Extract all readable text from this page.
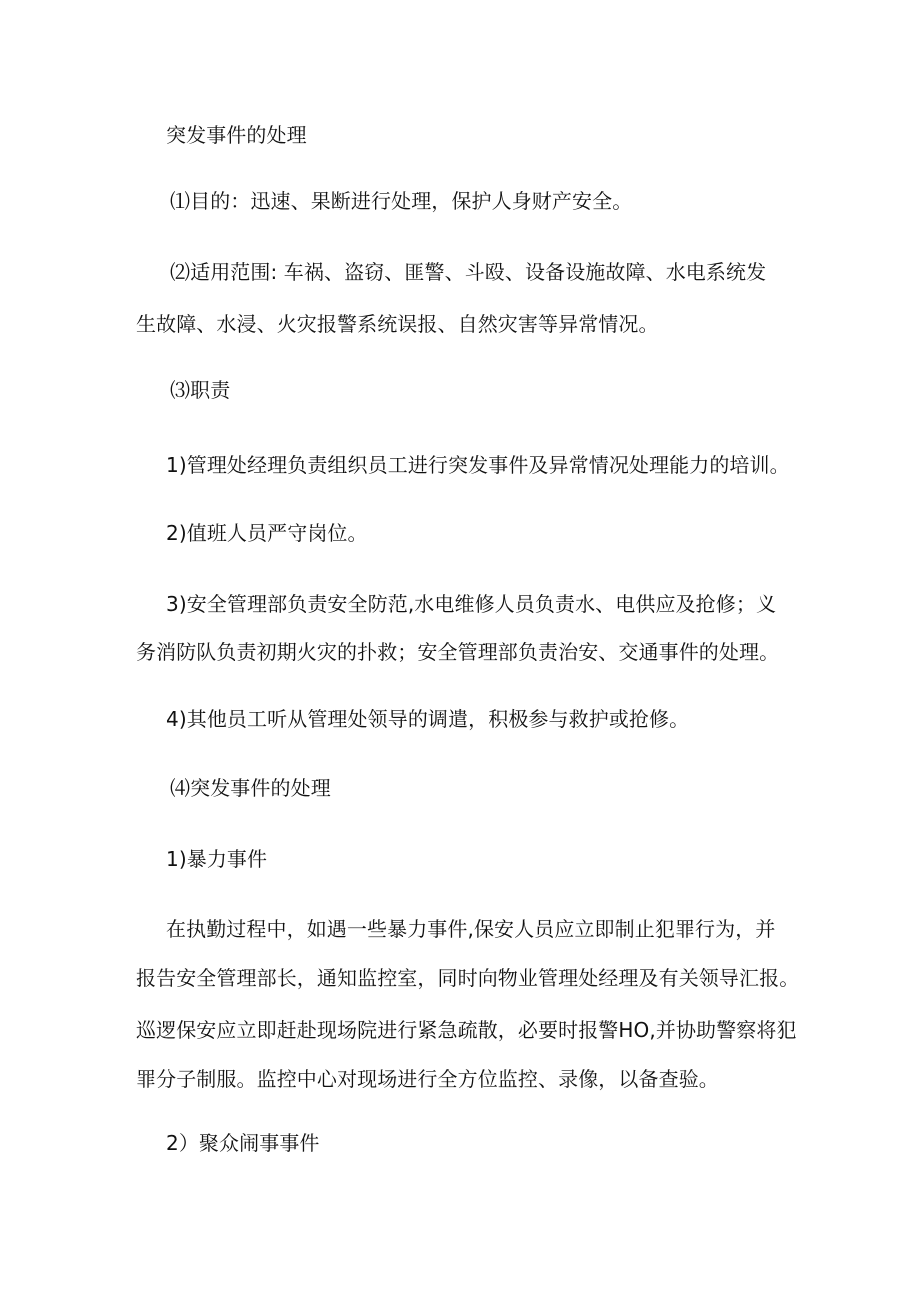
突发事件的处理

⑴目的：迅速、果断进行处理，保护人身财产安全。

⑵适用范围: 车祸、盗窃、匪警、斗殴、设备设施故障、水电系统发

生故障、水浸、火灾报警系统误报、自然灾害等异常情况。

⑶职责

1)管理处经理负责组织员工进行突发事件及异常情况处理能力的培训。

2)值班人员严守岗位。

3)安全管理部负责安全防范,水电维修人员负责水、电供应及抢修；义

务消防队负责初期火灾的扑救；安全管理部负责治安、交通事件的处理。

4)其他员工听从管理处领导的调遣，积极参与救护或抢修。

⑷突发事件的处理

1)暴力事件

在执勤过程中，如遇一些暴力事件,保安人员应立即制止犯罪行为，并

报告安全管理部长，通知监控室，同时向物业管理处经理及有关领导汇报。

巡逻保安应立即赶赴现场院进行紧急疏散，必要时报警HO,并协助警察将犯

罪分子制服。监控中心对现场进行全方位监控、录像，以备查验。

2）聚众闹事事件
